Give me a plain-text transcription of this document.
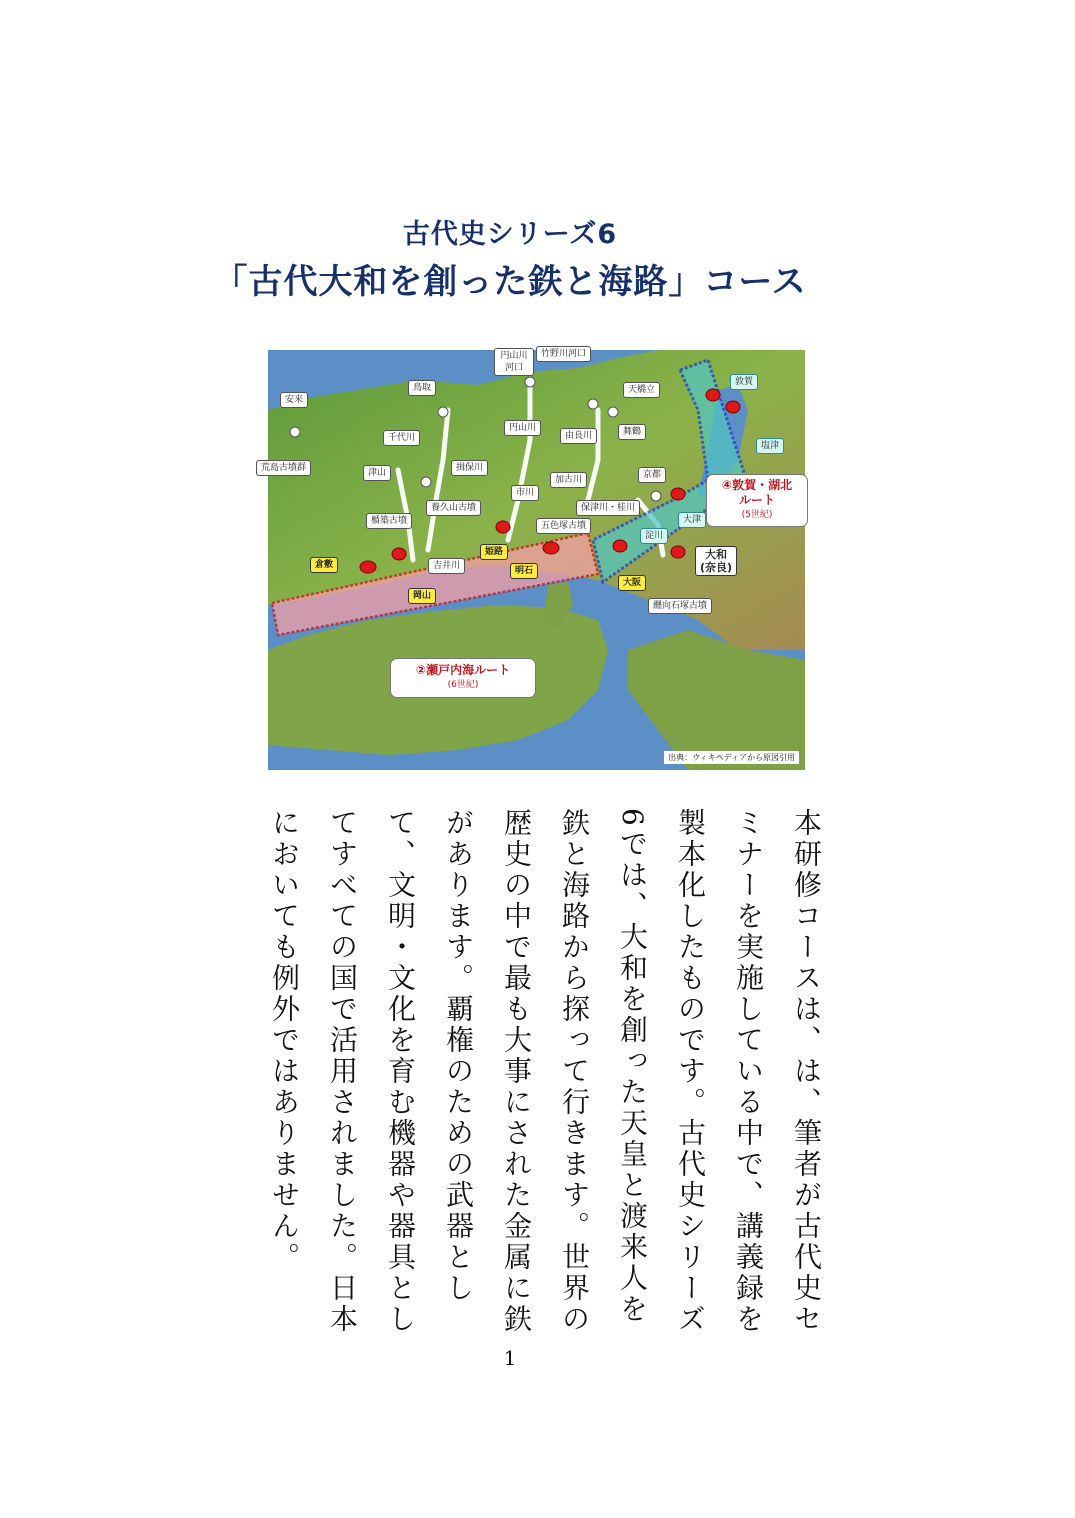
古代史シリーズ6
「古代大和を創った鉄と海路」コース
安来
荒島古墳群
鳥取
千代川
円山川河口
竹野川河口
天橋立
舞鶴
由良川
円山川
津山	揖保川
加古川
市川
養久山古墳
楯築古墳
吉井川
五色塚古墳
保津川・桂川
京都
敦賀
塩津
大津
淀川
大和
(奈良)
纒向石塚古墳
倉敷
岡山
姫路
明石
大阪
②瀬戸内海ルート
(6世紀)
④敦賀・湖北
ルート
(5世紀)
出典：ウィキペディアから原図引用

本研修コースは、は、筆者が古代史セミナーを実施している中で、講義録を製本化したものです。古代史シリーズ6では、大和を創った天皇と渡来人を鉄と海路から探って行きます。世界の歴史の中で最も大事にされた金属に鉄があります。覇権のための武器として、文明・文化を育む機器や器具としてすべての国で活用されました。日本においても例外ではありません。

1
